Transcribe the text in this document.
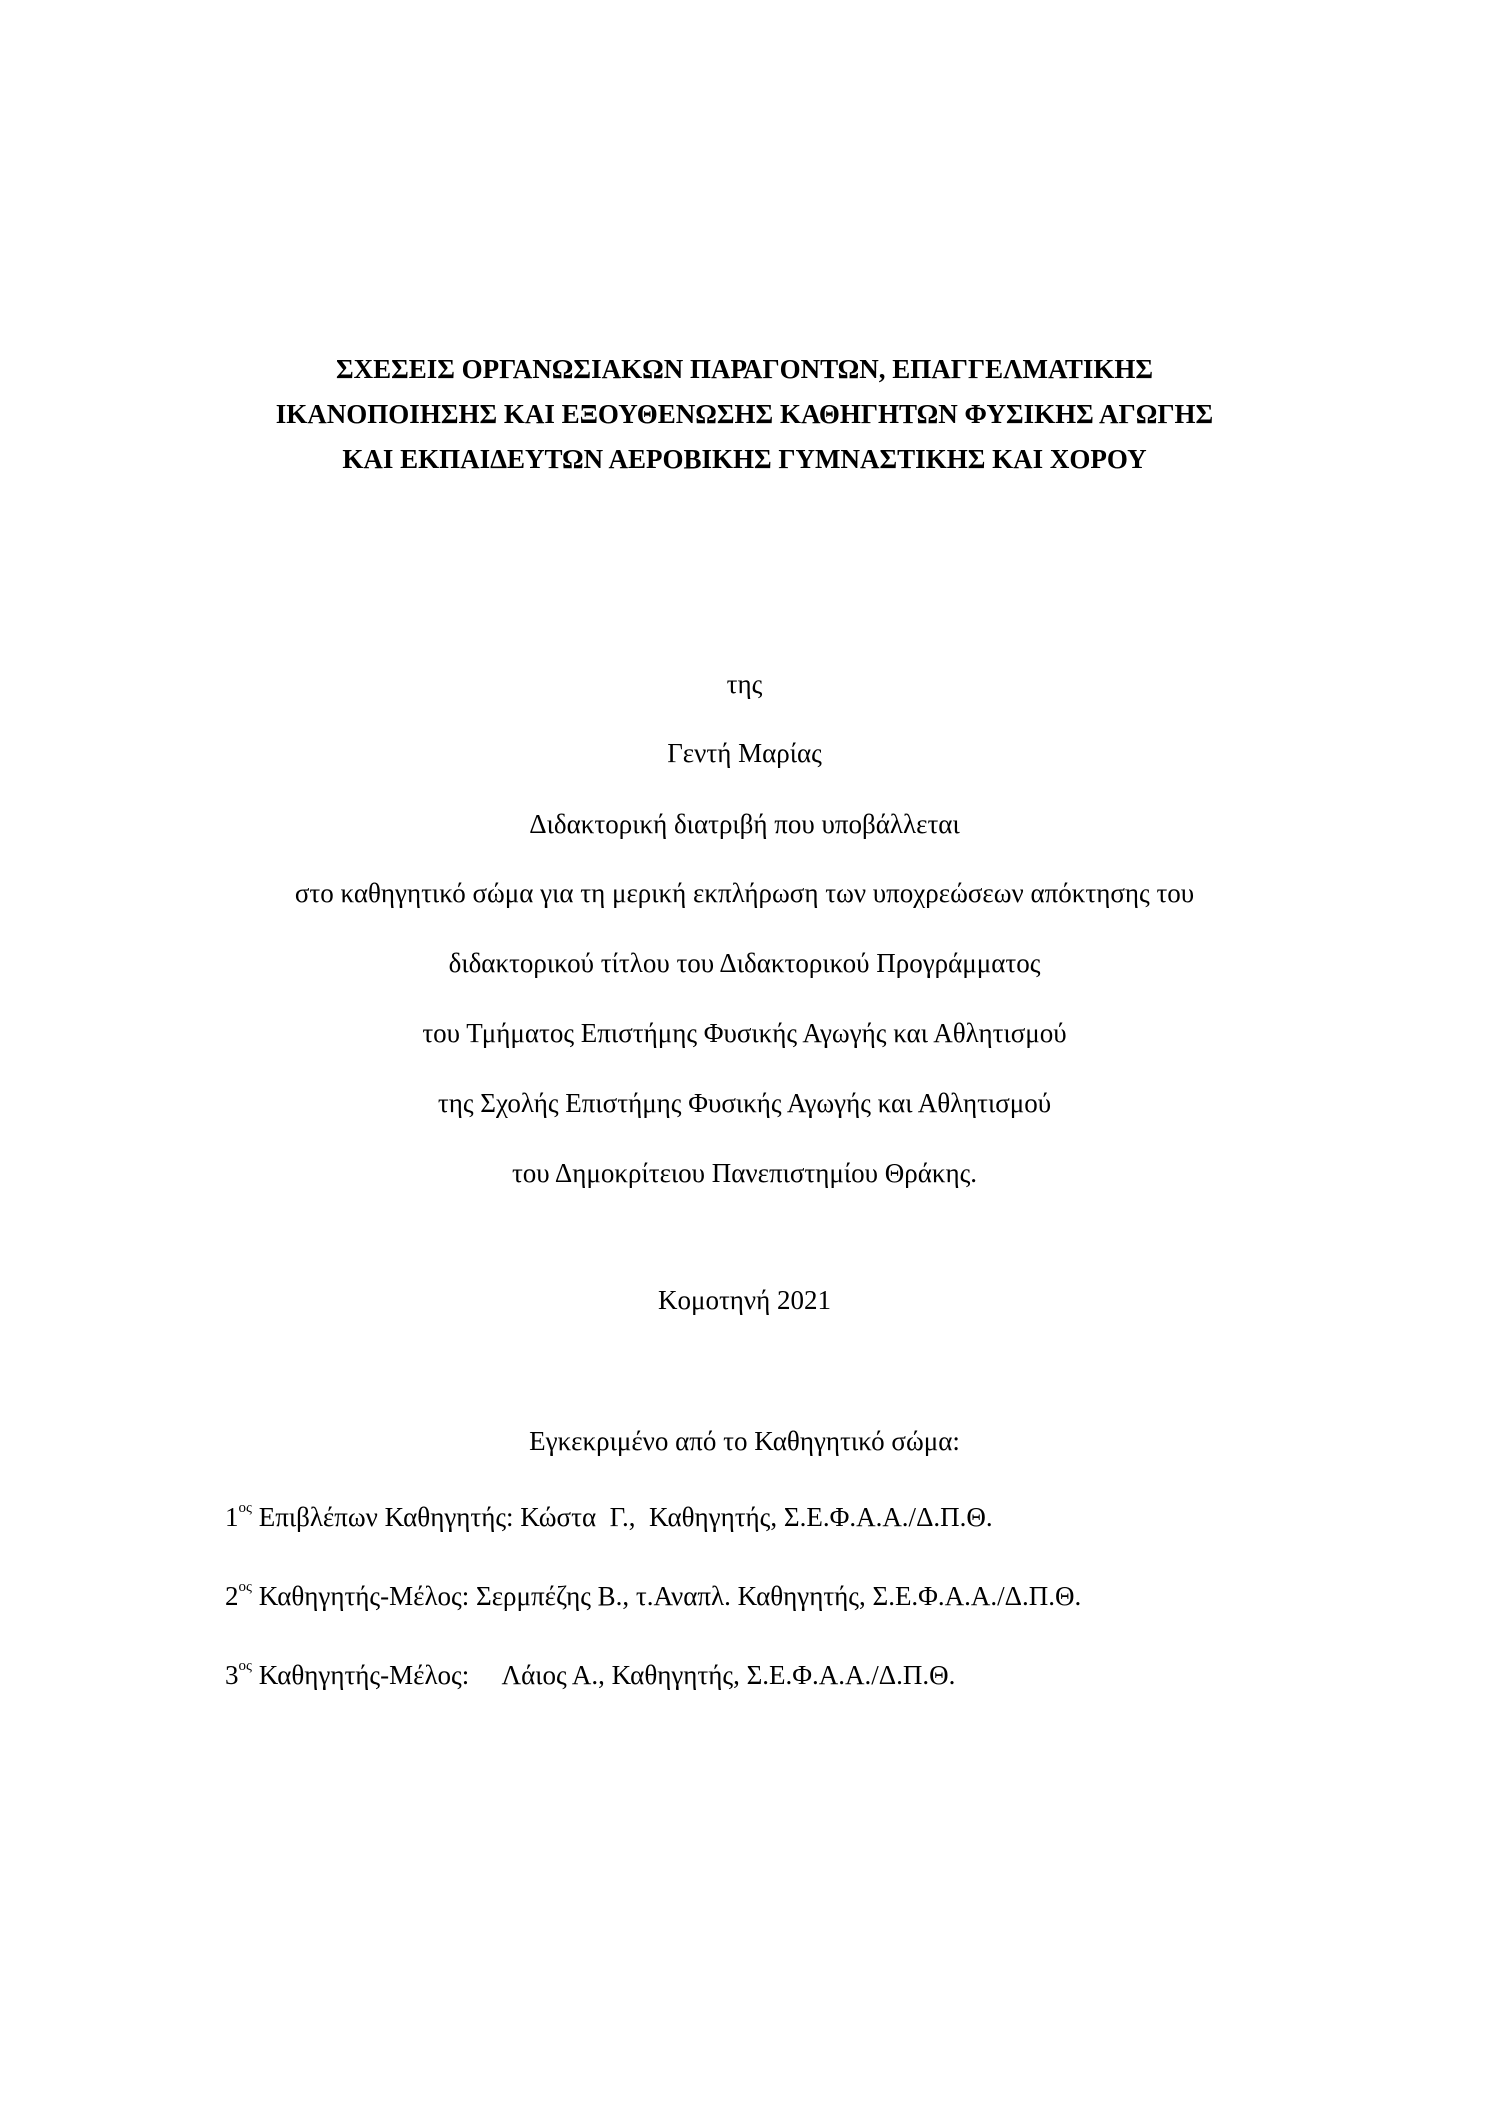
ΣΧΕΣΕΙΣ ΟΡΓΑΝΩΣΙΑΚΩΝ ΠΑΡΑΓΟΝΤΩΝ, ΕΠΑΓΓΕΛΜΑΤΙΚΗΣ
ΙΚΑΝΟΠΟΙΗΣΗΣ ΚΑΙ ΕΞΟΥΘΕΝΩΣΗΣ ΚΑΘΗΓΗΤΩΝ ΦΥΣΙΚΗΣ ΑΓΩΓΗΣ
ΚΑΙ ΕΚΠΑΙΔΕΥΤΩΝ ΑΕΡΟΒΙΚΗΣ ΓΥΜΝΑΣΤΙΚΗΣ ΚΑΙ ΧΟΡΟΥ
της
Γεντή Μαρίας
Διδακτορική διατριβή που υποβάλλεται
στο καθηγητικό σώμα για τη μερική εκπλήρωση των υποχρεώσεων απόκτησης του
διδακτορικού τίτλου του Διδακτορικού Προγράμματος
του Τμήματος Επιστήμης Φυσικής Αγωγής και Αθλητισμού
της Σχολής Επιστήμης Φυσικής Αγωγής και Αθλητισμού
του Δημοκρίτειου Πανεπιστημίου Θράκης.
Κομοτηνή 2021
Εγκεκριμένο από το Καθηγητικό σώμα:
$1^{o\varsigma}$ Επιβλέπων Καθηγητής: Κώστα  Γ.,  Καθηγητής, Σ.Ε.Φ.Α.Α./Δ.Π.Θ.
$2^{o\varsigma}$ Καθηγητής-Μέλος: Σερμπέζης Β., τ.Αναπλ. Καθηγητής, Σ.Ε.Φ.Α.Α./Δ.Π.Θ.
$3^{o\varsigma}$ Καθηγητής-Μέλος:     Λάιος Α., Καθηγητής, Σ.Ε.Φ.Α.Α./Δ.Π.Θ.
